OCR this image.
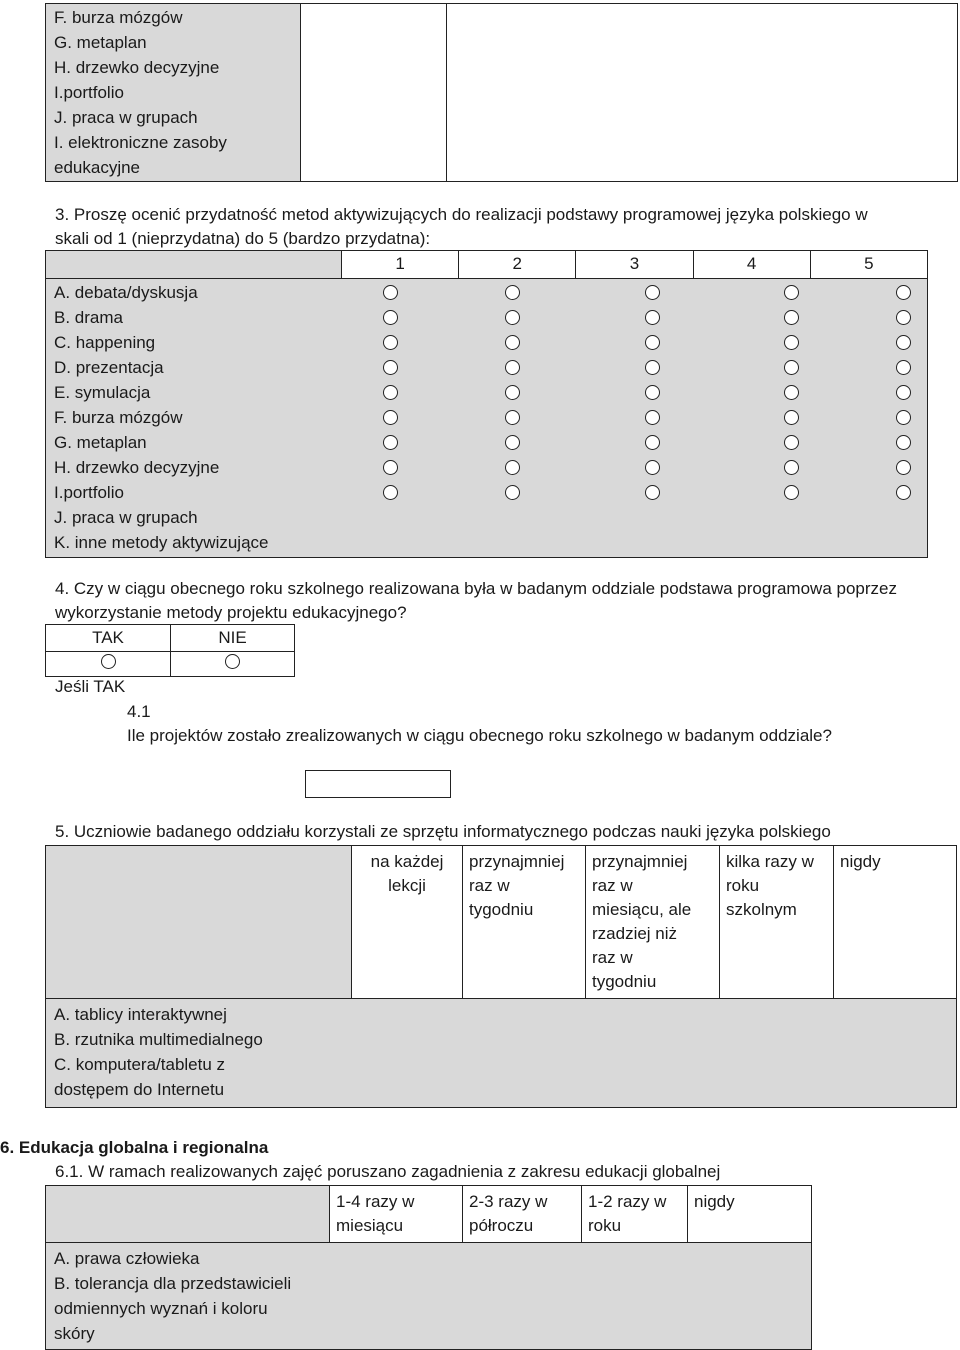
F. burza mózgów
G. metaplan
H. drzewko decyzyjne
I.portfolio
J. praca w grupach
I. elektroniczne zasoby edukacyjne

3. Proszę ocenić przydatność metod aktywizujących do realizacji podstawy programowej języka polskiego w
skali od 1 (nieprzydatna) do 5 (bardzo przydatna):
	1	2	3	4	5

A. debata/dyskusja
B. drama
C. happening
D. prezentacja
E. symulacja
F. burza mózgów
G. metaplan
H. drzewko decyzyjne
I.portfolio
J. praca w grupach
K. inne metody aktywizujące
4. Czy w ciągu obecnego roku szkolnego realizowana była w badanym oddziale podstawa programowa poprzez
wykorzystanie metody projektu edukacyjnego?
TAK	NIE

Jeśli TAK
4.1
Ile projektów zostało zrealizowanych w ciągu obecnego roku szkolnego w badanym oddziale?
5. Uczniowie badanego oddziału korzystali ze sprzętu informatycznego podczas nauki języka polskiego

na każdej
lekcji

przynajmniej
raz w
tygodniu

przynajmniej
raz w
miesiącu, ale
rzadziej niż
raz w
tygodniu

kilka razy w
roku
szkolnym

nigdy

A. tablicy interaktywnej
B. rzutnika multimedialnego
C. komputera/tabletu z
dostępem do Internetu
6. Edukacja globalna i regionalna
6.1. W ramach realizowanych zajęć poruszano zagadnienia z zakresu edukacji globalnej

1-4 razy w
miesiącu

2-3 razy w
półroczu

1-2 razy w
roku

nigdy

A. prawa człowieka
B. tolerancja dla przedstawicieli
odmiennych wyznań i koloru
skóry
